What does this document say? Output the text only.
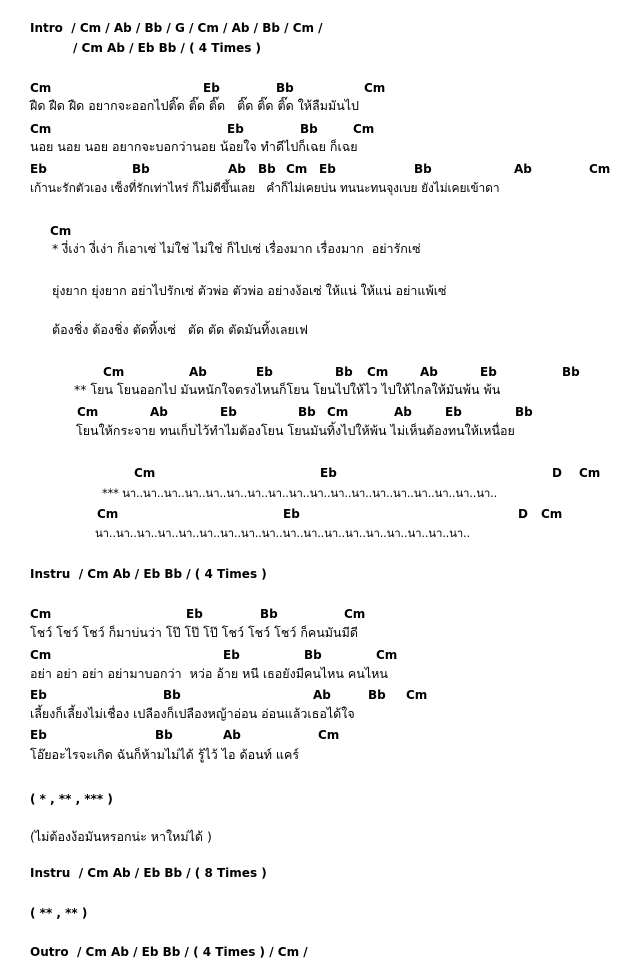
Intro  / Cm / Ab / Bb / G / Cm / Ab / Bb / Cm /
/ Cm Ab / Eb Bb / ( 4 Times )
Cm	Eb	Bb	Cm
ฝืด ฝืด ฝืด อยากจะออกไปติ๊ด ติ๊ด ติ๊ด   ติ๊ด ติ๊ด ติ๊ด ให้ลืมมันไป
Cm	Eb	Bb	Cm
นอย นอย นอย อยากจะบอกว่านอย น้อยใจ ทำดีไปก็เฉย ก็เฉย
Eb	Bb	Ab Bb Cm Eb	Bb	Ab	Cm
เก้านะรักตัวเอง เซ็งที่รักเท่าไหร่ ก็ไม่ดีขึ้นเลย   คำก็ไม่เคยบ่น ทนนะทนจุงเบย ยังไม่เคยเข้าดา
Cm
* งี่เง่า งี่เง่า ก็เอาเซ่ ไม่ใช่ ไม่ใช่ ก็ไปเซ่ เรื่องมาก เรื่องมาก  อย่ารักเซ่
ยุ่งยาก ยุ่งยาก อย่าไปรักเซ่ ตัวพ่อ ตัวพ่อ อย่างง้อเซ่ ให้แน่ ให้แน่ อย่าแพ้เซ่
ต้องชิ่ง ต้องชิ่ง ตัดทิ้งเซ่   ตัด ตัด ตัดมันทิ้งเลยเฟ
Cm	Ab	Eb	Bb Cm	Ab	Eb	Bb
** โยน โยนออกไป มันหนักใจตรงไหนก็โยน โยนไปให้ไว ไปให้ไกลให้มันพ้น พ้น
Cm	Ab	Eb	Bb Cm	Ab	Eb	Bb
โยนให้กระจาย ทนเก็บไว้ทำไมต้องโยน โยนมันทิ้งไปให้พ้น ไม่เห็นต้องทนให้เหนื่อย
Cm	Eb	D Cm
*** นา..นา..นา..นา..นา..นา..นา..นา..นา..นา..นา..นา..นา..นา..นา..นา..นา..นา..
Cm	Eb	D Cm
นา..นา..นา..นา..นา..นา..นา..นา..นา..นา..นา..นา..นา..นา..นา..นา..นา..นา..
Instru  / Cm Ab / Eb Bb / ( 4 Times )
Cm	Eb	Bb	Cm
โชว์ โชว์ โชว์ ก็มาบ่นว่า โป๊ โป๊ โป๊ โชว์ โชว์ โชว์ ก็คนมันมีดี
Cm	Eb	Bb	Cm
อย่า อย่า อย่า อย่ามาบอกว่า  หว่อ อ้าย หนี เธอยังมีคนไหน คนไหน
Eb	Bb	Ab	Bb Cm
เลี้ยงก็เลี้ยงไม่เชื่อง เปลืองก็เปลืองหญ้าอ่อน อ่อนแล้วเธอได้ใจ
Eb	Bb	Ab	Cm
โอ๊ยอะไรจะเกิด ฉันก็ห้ามไม่ได้ รู้ไว้ ไอ ด้อนท์ แคร์
( * , ** , *** )
(ไม่ต้องง้อมันหรอกน่ะ หาใหม่ได้ )
Instru  / Cm Ab / Eb Bb / ( 8 Times )
( ** , ** )
Outro  / Cm Ab / Eb Bb / ( 4 Times ) / Cm /
